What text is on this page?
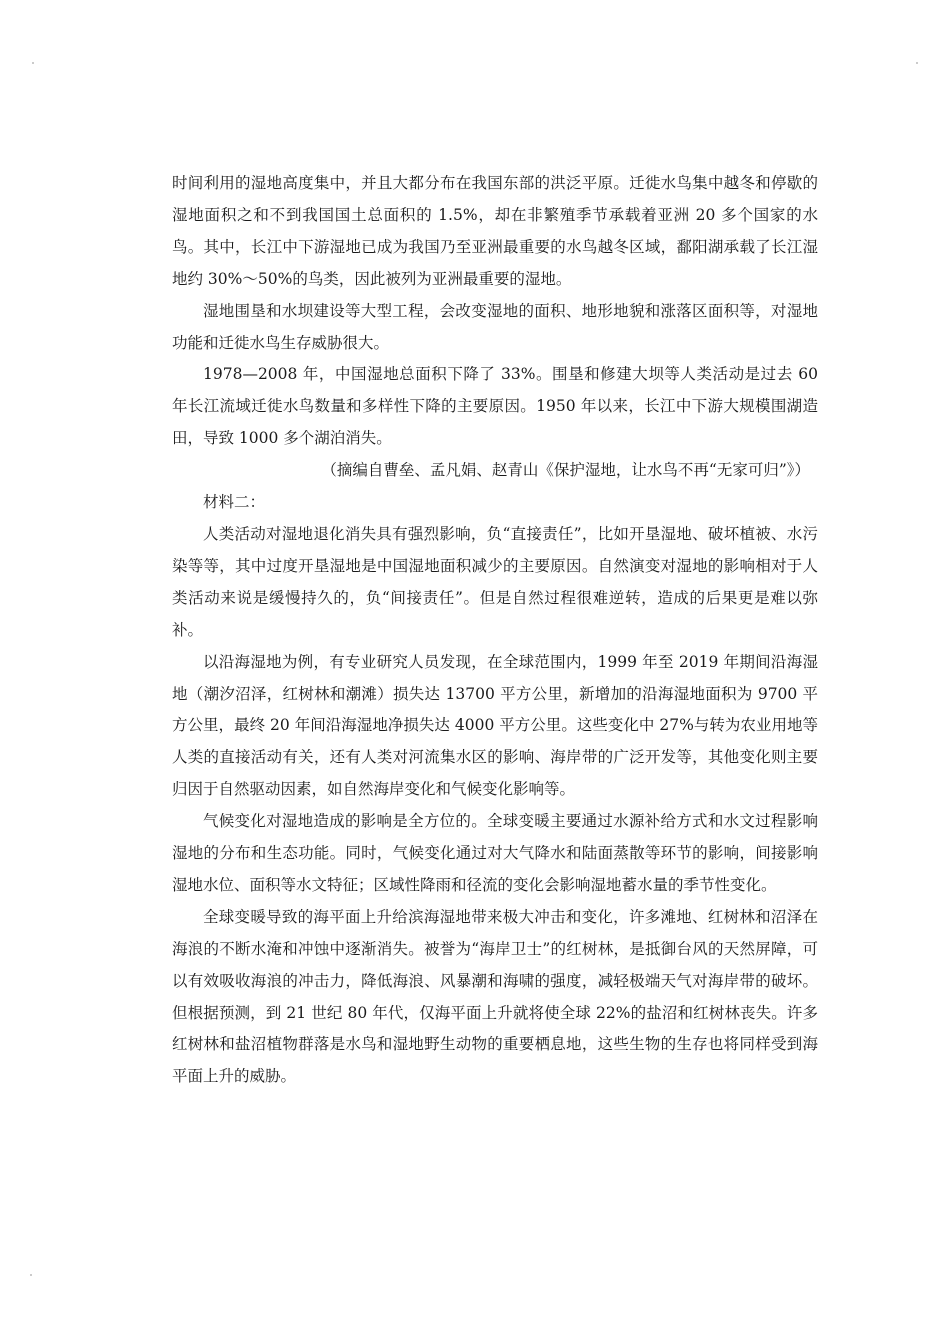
时间利用的湿地高度集中，并且大都分布在我国东部的洪泛平原。迁徙水鸟集中越冬和停歇的湿地面积之和不到我国国土总面积的 1.5%，却在非繁殖季节承载着亚洲 20 多个国家的水鸟。其中，长江中下游湿地已成为我国乃至亚洲最重要的水鸟越冬区域，鄱阳湖承载了长江湿地约 30%～50%的鸟类，因此被列为亚洲最重要的湿地。

湿地围垦和水坝建设等大型工程，会改变湿地的面积、地形地貌和涨落区面积等，对湿地功能和迁徙水鸟生存威胁很大。

1978—2008 年，中国湿地总面积下降了 33%。围垦和修建大坝等人类活动是过去 60 年长江流域迁徙水鸟数量和多样性下降的主要原因。1950 年以来，长江中下游大规模围湖造田，导致 1000 多个湖泊消失。

（摘编自曹垒、孟凡娟、赵青山《保护湿地，让水鸟不再“无家可归”》）

材料二：

人类活动对湿地退化消失具有强烈影响，负“直接责任”，比如开垦湿地、破坏植被、水污染等等，其中过度开垦湿地是中国湿地面积减少的主要原因。自然演变对湿地的影响相对于人类活动来说是缓慢持久的，负“间接责任”。但是自然过程很难逆转，造成的后果更是难以弥补。

以沿海湿地为例，有专业研究人员发现，在全球范围内，1999 年至 2019 年期间沿海湿地（潮汐沼泽，红树林和潮滩）损失达 13700 平方公里，新增加的沿海湿地面积为 9700 平方公里，最终 20 年间沿海湿地净损失达 4000 平方公里。这些变化中 27%与转为农业用地等人类的直接活动有关，还有人类对河流集水区的影响、海岸带的广泛开发等，其他变化则主要归因于自然驱动因素，如自然海岸变化和气候变化影响等。

气候变化对湿地造成的影响是全方位的。全球变暖主要通过水源补给方式和水文过程影响湿地的分布和生态功能。同时，气候变化通过对大气降水和陆面蒸散等环节的影响，间接影响湿地水位、面积等水文特征；区域性降雨和径流的变化会影响湿地蓄水量的季节性变化。

全球变暖导致的海平面上升给滨海湿地带来极大冲击和变化，许多滩地、红树林和沼泽在海浪的不断水淹和冲蚀中逐渐消失。被誉为“海岸卫士”的红树林，是抵御台风的天然屏障，可以有效吸收海浪的冲击力，降低海浪、风暴潮和海啸的强度，减轻极端天气对海岸带的破坏。但根据预测，到 21 世纪 80 年代，仅海平面上升就将使全球 22%的盐沼和红树林丧失。许多红树林和盐沼植物群落是水鸟和湿地野生动物的重要栖息地，这些生物的生存也将同样受到海平面上升的威胁。
